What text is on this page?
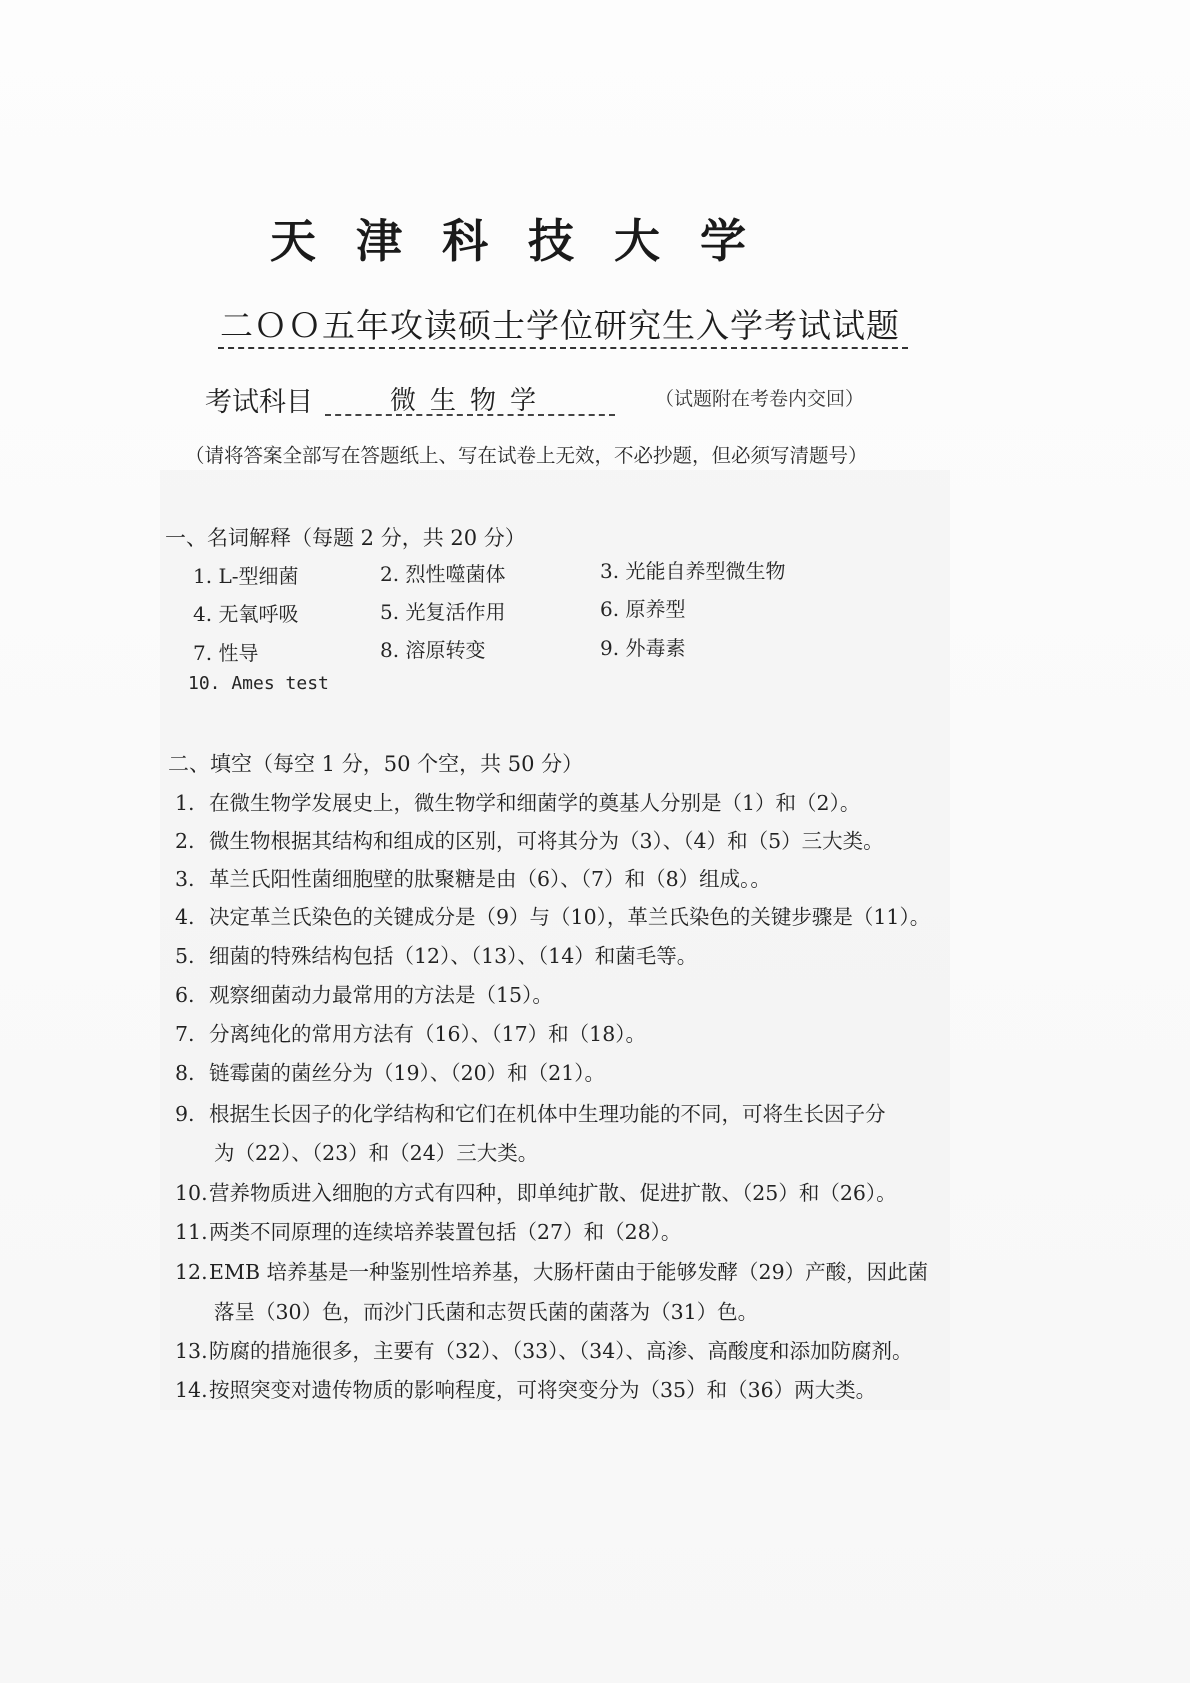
天津科技大学
二ＯＯ五年攻读硕士学位研究生入学考试试题
考试科目	微生物学	（试题附在考卷内交回）
（请将答案全部写在答题纸上、写在试卷上无效，不必抄题，但必须写清题号）
一、名词解释（每题 2 分，共 20 分）
1. L-型细菌	2. 烈性噬菌体	3. 光能自养型微生物
4. 无氧呼吸	5. 光复活作用	6. 原养型
7. 性导	8. 溶原转变	9. 外毒素
10. Ames test
二、填空（每空 1 分，50 个空，共 50 分）
1. 在微生物学发展史上，微生物学和细菌学的奠基人分别是（1）和（2）。
2. 微生物根据其结构和组成的区别，可将其分为（3）、（4）和（5）三大类。
3. 革兰氏阳性菌细胞壁的肽聚糖是由（6）、（7）和（8）组成。。
4. 决定革兰氏染色的关键成分是（9）与（10），革兰氏染色的关键步骤是（11）。
5. 细菌的特殊结构包括（12）、（13）、（14）和菌毛等。
6. 观察细菌动力最常用的方法是（15）。
7. 分离纯化的常用方法有（16）、（17）和（18）。
8. 链霉菌的菌丝分为（19）、（20）和（21）。
9. 根据生长因子的化学结构和它们在机体中生理功能的不同，可将生长因子分
为（22）、（23）和（24）三大类。
10.营养物质进入细胞的方式有四种，即单纯扩散、促进扩散、（25）和（26）。
11.两类不同原理的连续培养装置包括（27）和（28）。
12.EMB 培养基是一种鉴别性培养基，大肠杆菌由于能够发酵（29）产酸，因此菌
落呈（30）色，而沙门氏菌和志贺氏菌的菌落为（31）色。
13.防腐的措施很多，主要有（32）、（33）、（34）、高渗、高酸度和添加防腐剂。
14.按照突变对遗传物质的影响程度，可将突变分为（35）和（36）两大类。
